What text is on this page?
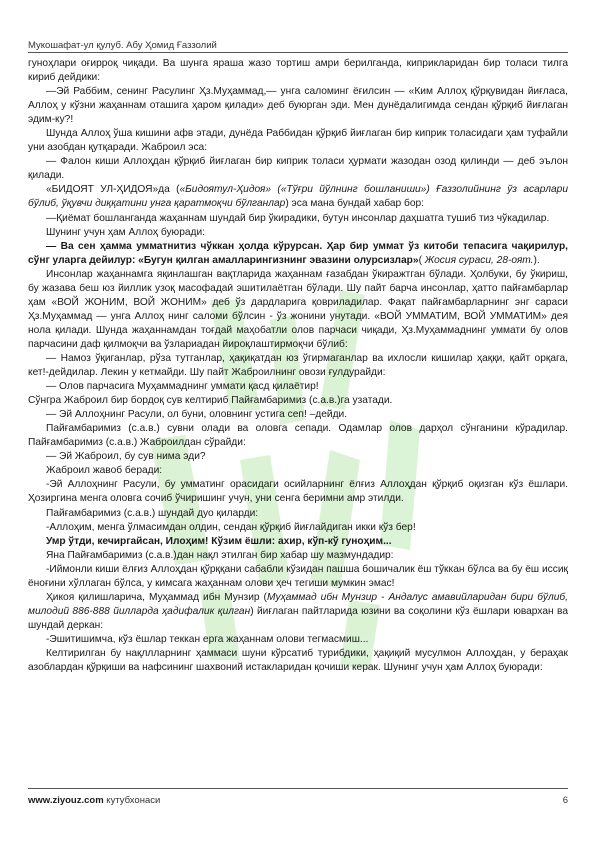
Мукошафат-ул қулуб. Абу Ҳомид Ғаззолий

гуноҳлари оғирроқ чиқади. Ва шунга яраша жазо тортиш амри берилганда, киприкларидан бир толаси тилга кириб дейдики:

—Эй Раббим, сенинг Расулинг Ҳз.Муҳаммад,— унга саломинг ёғилсин — «Ким Аллоҳ қўрқувидан йиғласа, Аллоҳ у кўзни жаҳаннам оташига ҳаром қилади» деб буюрган эди. Мен дунёдалигимда сендан қўрқиб йиғлаган эдим-ку?!

Шунда Аллоҳ ўша кишини афв этади, дунёда Раббидан қўрқиб йиғлаган бир киприк толасидаги ҳам туфайли уни азобдан қутқаради. Жаброил эса:

— Фалон киши Аллоҳдан қўрқиб йиғлаган бир киприк толаси ҳурмати жазодан озод қилинди — деб эълон қилади.

«БИДОЯТ УЛ-ҲИДОЯ»да («Бидоятул-Ҳидоя» («Тўғри йўлнинг бошланиши») Ғаззолийнинг ўз асарлари бўлиб, ўқувчи диққатини унга қаратмоқчи бўлганлар) эса мана бундай хабар бор:

—Қиёмат бошланганда жаҳаннам шундай бир ўкирадики, бутун инсонлар даҳшатга тушиб тиз чўкадилар.

Шунинг учун ҳам Аллоҳ буюради:

— Ва сен ҳамма умматнитиз чўккан ҳолда кўрурсан. Ҳар бир уммат ўз китоби тепасига чақирилур, сўнг уларга дейилур: «Бугун қилган амалларингизнинг эвазини олурсизлар»( Жосия сураси, 28-оят.).

Инсонлар жаҳаннамга яқинлашган вақтларида жаҳаннам ғазабдан ўкиражтган бўлади. Ҳолбуки, бу ўкириш, бу жазава беш юз йиллик узоқ масофадаӣ эшитилаётган бўлади. Шу пайт барча инсонлар, ҳатто пайғамбарлар ҳам «ВОЙ ЖОНИМ, ВОЙ ЖОНИМ» деб ўз дардларига қовриладилар. Фақат пайғамбарларнинг энг сараси Ҳз.Муҳаммад — унга Аллоҳ нинг саломи бўлсин - ўз жонини унутади. «ВОЙ УММАТИМ, ВОЙ УММАТИМ» дея нола қилади. Шунда жаҳаннамдан тоғдай маҳобатли олов парчаси чиқади, Ҳз.Муҳаммаднинг уммати бу олов парчасини даф қилмоқчи ва ўзлариадан йироқлаштирмоқчи бўлиб:

— Намоз ўқиганлар, рўза тутганлар, ҳақиқатдан юз ўгирмаганлар ва ихлосли кишилар ҳаққи, қайт орқага, кет!-дейдилар. Лекин у кетмайди. Шу пайт Жаброилнинг овози ғулдурайди:

— Олов парчасига Муҳаммаднинг уммати қасд қилаётир!

Сўнгра Жаброил бир бордоқ сув келтириб Пайғамбаримиз (с.а.в.)га узатади.

— Эй Аллоҳнинг Расули, ол буни, оловнинг устига сеп! –дейди.

Пайғамбаримиз (с.а.в.) сувни олади ва оловга сепади. Одамлар олов дарҳол сўнганини кўрадилар. Пайғамбаримиз (с.а.в.) Жаброилдан сўрайди:

— Эй Жаброил, бу сув нима эди?

Жаброил жавоб беради:

-Эй Аллоҳнинг Расули, бу умматинг орасидаги осийларнинг ёлғиз Аллоҳдан қўрқиб оқизган кўз ёшлари. Ҳозиргина менга оловга сочиб ўчиришинг учун, уни сенга беримни амр этилди.

Пайғамбаримиз (с.а.в.) шундай дуо қиларди:

-Аллоҳим, менга ўлмасимдан олдин, сендан қўрқиб йиғлайдиган икки кўз бер!

Умр ўтди, кечиргайсан, Илоҳим! Кўзим ёшли: ахир, кўп-кў гуноҳим...

Яна Пайғамбаримиз (с.а.в.)дан нақл этилган бир хабар шу мазмундадир:

-Иймонли киши ёлғиз Аллоҳдан қўрққани сабабли кўзидан пашша бошичалик ёш тўккан бўлса ва бу ёш иссиқ ёноғини хўллаган бўлса, у кимсага жаҳаннам олови ҳеч тегиши мумкин эмас!

Ҳикоя қилишларича, Муҳаммад ибн Мунзир (Муҳаммад ибн Мунзир - Андалус амавийларидан бири бўлиб, милодий 886-888 йилларда ҳадифалик қилган) йиғлаган пайтларида юзини ва соқолини кўз ёшлари ювархан ва шундай деркан:

-Эшитишимча, кўз ёшлар теккан ерга жаҳаннам олови тегмасмиш...

Келтирилган бу нақллларнинг ҳаммаси шуни кўрсатиб турибдики, ҳақиқий мусулмон Аллоҳдан, у бераҳак азоблардан қўрқиши ва нафсининг шахвоний истакларидан қочиши керак. Шунинг учун ҳам Аллоҳ буюради:

www.ziyouz.com кутубхонаси	6
